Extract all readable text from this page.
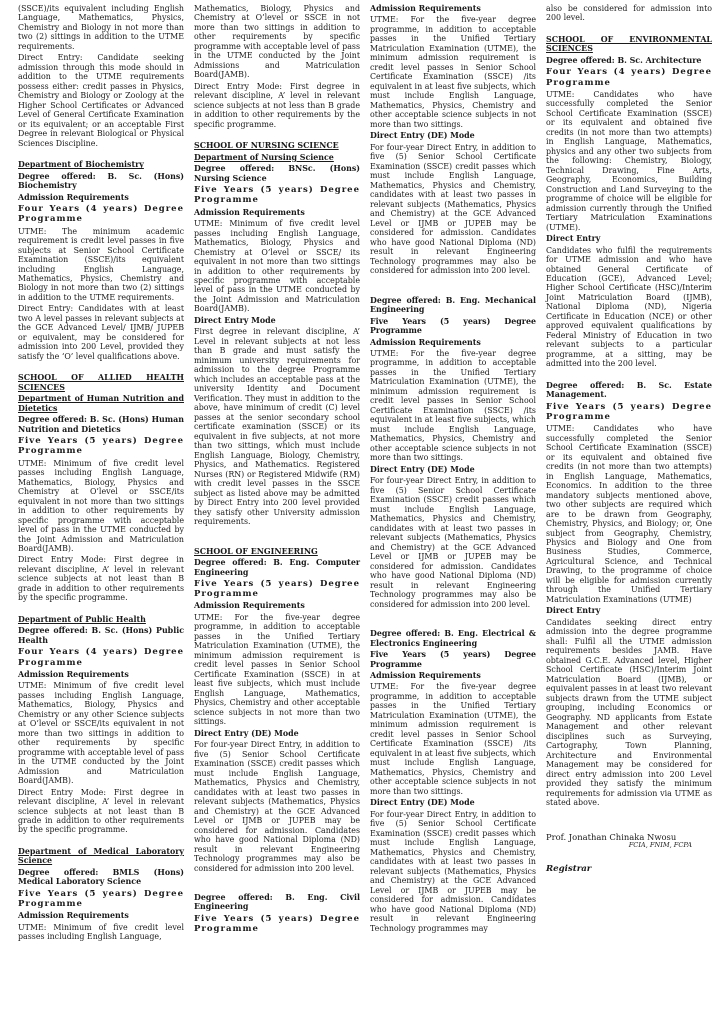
(SSCE)/its equivalent including English Language, Mathematics, Physics, Chemistry and Biology in not more than two (2) sittings in addition to the UTME requirements.

Direct Entry: Candidate seeking admission through this mode should in addition to the UTME requirements possess either: credit passes in Physics, Chemistry and Biology or Zoology at the Higher School Certificates or Advanced Level of General Certificate Examination or its equivalent; or an acceptable First Degree in relevant Biological or Physical Sciences Discipline.

Department of Biochemistry

Degree offered: B. Sc. (Hons) Biochemistry

Admission Requirements

Four Years (4 years) Degree Programme

UTME: The minimum academic requirement is credit level passes in five subjects at Senior School Certificate Examination (SSCE)/its equivalent including English Language, Mathematics, Physics, Chemistry and Biology in not more than two (2) sittings in addition to the UTME requirements.

Direct Entry: Candidates with at least two A level passes in relevant subjects at the GCE Advanced Level/ IJMB/ JUPEB or equivalent, may be considered for admission into 200 Level, provided they satisfy the ‘O’ level qualifications above.

SCHOOL OF ALLIED HEALTH SCIENCES

Department of Human Nutrition and Dietetics

Degree offered: B. Sc. (Hons) Human Nutrition and Dietetics

Five Years (5 years) Degree Programme

UTME: Minimum of five credit level passes including English Language, Mathematics, Biology, Physics and Chemistry at O’level or SSCE/its equivalent in not more than two sittings in addition to other requirements by specific programme with acceptable level of pass in the UTME conducted by the Joint Admission and Matriculation Board(JAMB).

Direct Entry Mode: First degree in relevant discipline, A’ level in relevant science subjects at not least than B grade in addition to other requirements by the specific programme.

Department of Public Health

Degree offered: B. Sc. (Hons) Public Health

Four Years (4 years) Degree Programme

Admission Requirements

UTME: Minimum of five credit level passes including English Language, Mathematics, Biology, Physics and Chemistry or any other Science subjects at O’level or SSCE/its equivalent in not more than two sittings in addition to other requirements by specific programme with acceptable level of pass in the UTME conducted by the Joint Admission and Matriculation Board(JAMB).

Direct Entry Mode: First degree in relevant discipline, A’ level in relevant science subjects at not least than B grade in addition to other requirements by the specific programme.

Department of Medical Laboratory Science

Degree offered: BMLS (Hons) Medical Laboratory Science

Five Years (5 years) Degree Programme

Admission Requirements

UTME: Minimum of five credit level passes including English Language,

Mathematics, Biology, Physics and Chemistry at O’level or SSCE in not more than two sittings in addition to other requirements by specific programme with acceptable level of pass in the UTME conducted by the Joint Admissions and Matriculation Board(JAMB).

Direct Entry Mode: First degree in relevant discipline, A’ level in relevant science subjects at not less than B grade in addition to other requirements by the specific programme.

SCHOOL OF NURSING SCIENCE

Department of Nursing Science

Degree offered: BNSc. (Hons) Nursing Science

Five Years (5 years) Degree Programme

Admission Requirements

UTME: Minimum of five credit level passes including English Language, Mathematics, Biology, Physics and Chemistry at O’level or SSCE/ its equivalent in not more than two sittings in addition to other requirements by specific programme with acceptable level of pass in the UTME conducted by the Joint Admission and Matriculation Board(JAMB).

Direct Entry Mode

First degree in relevant discipline, A’ Level in relevant subjects at not less than B grade and must satisfy the minimum university requirements for admission to the degree Programme which includes an acceptable pass at the university Identity and Document Verification. They must in addition to the above, have minimum of credit (C) level passes at the senior secondary school certificate examination (SSCE) or its equivalent in five subjects, at not more than two sittings, which must include English Language, Biology, Chemistry, Physics, and Mathematics. Registered Nurses (RN) or Registered Midwife (RM) with credit level passes in the SSCE subject as listed above may be admitted by Direct Entry into 200 level provided they satisfy other University admission requirements.

SCHOOL OF ENGINEERING

Degree offered: B. Eng. Computer Engineering

Five Years (5 years) Degree Programme

Admission Requirements

UTME: For the five-year degree programme, in addition to acceptable passes in the Unified Tertiary Matriculation Examination (UTME), the minimum admission requirement is credit level passes in Senior School Certificate Examination (SSCE) in at least five subjects, which must include English Language, Mathematics, Physics, Chemistry and other acceptable science subjects in not more than two sittings.

Direct Entry (DE) Mode

For four-year Direct Entry, in addition to five (5) Senior School Certificate Examination (SSCE) credit passes which must include English Language, Mathematics, Physics and Chemistry, candidates with at least two passes in relevant subjects (Mathematics, Physics and Chemistry) at the GCE Advanced Level or IJMB or JUPEB may be considered for admission. Candidates who have good National Diploma (ND) result in relevant Engineering Technology programmes may also be considered for admission into 200 level.

Degree offered: B. Eng. Civil Engineering

Five Years (5 years) Degree Programme

Admission Requirements

UTME: For the five-year degree programme, in addition to acceptable passes in the Unified Tertiary Matriculation Examination (UTME), the minimum admission requirement is credit level passes in Senior School Certificate Examination (SSCE) /its equivalent in at least five subjects, which must include English Language, Mathematics, Physics, Chemistry and other acceptable science subjects in not more than two sittings.

Direct Entry (DE) Mode

For four-year Direct Entry, in addition to five (5) Senior School Certificate Examination (SSCE) credit passes which must include English Language, Mathematics, Physics and Chemistry, candidates with at least two passes in relevant subjects (Mathematics, Physics and Chemistry) at the GCE Advanced Level or IJMB or JUPEB may be considered for admission. Candidates who have good National Diploma (ND) result in relevant Engineering Technology programmes may also be considered for admission into 200 level.

Degree offered: B. Eng. Mechanical Engineering

Five Years (5 years) Degree Programme

Admission Requirements

UTME: For the five-year degree programme, in addition to acceptable passes in the Unified Tertiary Matriculation Examination (UTME), the minimum admission requirement is credit level passes in Senior School Certificate Examination (SSCE) /its equivalent in at least five subjects, which must include English Language, Mathematics, Physics, Chemistry and other acceptable science subjects in not more than two sittings.

Direct Entry (DE) Mode

For four-year Direct Entry, in addition to five (5) Senior School Certificate Examination (SSCE) credit passes which must include English Language, Mathematics, Physics and Chemistry, candidates with at least two passes in relevant subjects (Mathematics, Physics and Chemistry) at the GCE Advanced Level or IJMB or JUPEB may be considered for admission. Candidates who have good National Diploma (ND) result in relevant Engineering Technology programmes may also be considered for admission into 200 level.

Degree offered: B. Eng. Electrical & Electronics Engineering

Five Years (5 years) Degree Programme

Admission Requirements

UTME: For the five-year degree programme, in addition to acceptable passes in the Unified Tertiary Matriculation Examination (UTME), the minimum admission requirement is credit level passes in Senior School Certificate Examination (SSCE) /its equivalent in at least five subjects, which must include English Language, Mathematics, Physics, Chemistry and other acceptable science subjects in not more than two sittings.

Direct Entry (DE) Mode

For four-year Direct Entry, in addition to five (5) Senior School Certificate Examination (SSCE) credit passes which must include English Language, Mathematics, Physics and Chemistry, candidates with at least two passes in relevant subjects (Mathematics, Physics and Chemistry) at the GCE Advanced Level or IJMB or JUPEB may be considered for admission. Candidates who have good National Diploma (ND) result in relevant Engineering Technology programmes may

also be considered for admission into 200 level.

SCHOOL OF ENVIRONMENTAL SCIENCES

Degree offered: B. Sc. Architecture

Four Years (4 years) Degree Programme

UTME: Candidates who have successfully completed the Senior School Certificate Examination (SSCE) or its equivalent and obtained five credits (in not more than two attempts) in English Language, Mathematics, physics and any other two subjects from the following: Chemistry, Biology, Technical Drawing, Fine Arts, Geography, Economics, Building Construction and Land Surveying to the programme of choice will be eligible for admission currently through the Unified Tertiary Matriculation Examinations (UTME).

Direct Entry

Candidates who fulfil the requirements for UTME admission and who have obtained General Certificate of Education (GCE), Advanced Level; Higher School Certificate (HSC)/Interim Joint Matriculation Board (IJMB), National Diploma (ND), Nigeria Certificate in Education (NCE) or other approved equivalent qualifications by Federal Ministry of Education in two relevant subjects to a particular programme, at a sitting, may be admitted into the 200 level.

Degree offered: B. Sc. Estate Management.

Five Years (5 years) Degree Programme

UTME: Candidates who have successfully completed the Senior School Certificate Examination (SSCE) or its equivalent and obtained five credits (in not more than two attempts) in English Language, Mathematics, Economics. In addition to the three mandatory subjects mentioned above, two other subjects are required which are to be drawn from Geography, Chemistry, Physics, and Biology; or, One subject from Geography, Chemistry, Physics and Biology and One from Business Studies, Commerce, Agricultural Science, and Technical Drawing, to the programme of choice will be eligible for admission currently through the Unified Tertiary Matriculation Examinations (UTME)

Direct Entry

Candidates seeking direct entry admission into the degree programme shall: Fulfil all the UTME admission requirements besides JAMB. Have obtained G.C.E. Advanced level, Higher School Certificate (HSC)/Interim Joint Matriculation Board (IJMB), or equivalent passes in at least two relevant subjects drawn from the UTME subject grouping, including Economics or Geography. ND applicants from Estate Management and other relevant disciplines such as Surveying, Cartography, Town Planning, Architecture and Environmental Management may be considered for direct entry admission into 200 Level provided they satisfy the minimum requirements for admission via UTME as stated above.

Prof. Jonathan Chinaka Nwosu
FCIA, FNIM, FCPA
Registrar
